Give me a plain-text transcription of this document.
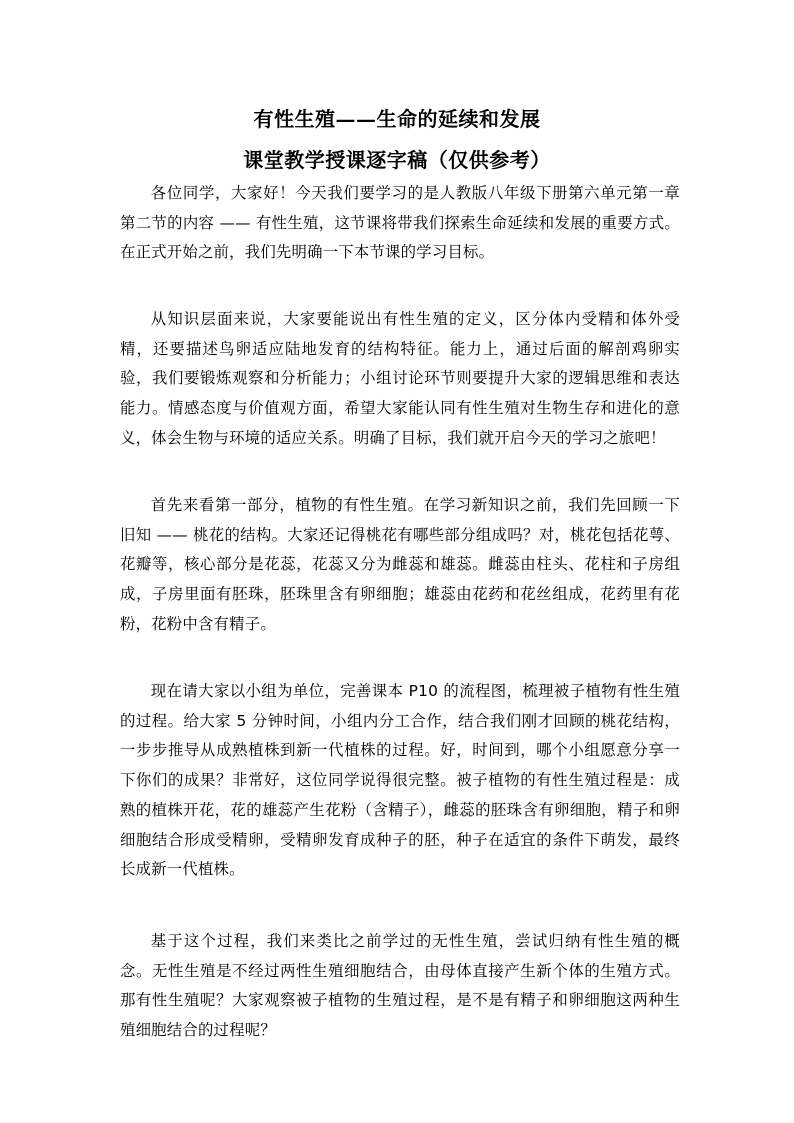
有性生殖——生命的延续和发展
课堂教学授课逐字稿（仅供参考）
各位同学，大家好！今天我们要学习的是人教版八年级下册第六单元第一章第二节的内容 —— 有性生殖，这节课将带我们探索生命延续和发展的重要方式。在正式开始之前，我们先明确一下本节课的学习目标。
从知识层面来说，大家要能说出有性生殖的定义，区分体内受精和体外受精，还要描述鸟卵适应陆地发育的结构特征。能力上，通过后面的解剖鸡卵实验，我们要锻炼观察和分析能力；小组讨论环节则要提升大家的逻辑思维和表达能力。情感态度与价值观方面，希望大家能认同有性生殖对生物生存和进化的意义，体会生物与环境的适应关系。明确了目标，我们就开启今天的学习之旅吧！
首先来看第一部分，植物的有性生殖。在学习新知识之前，我们先回顾一下旧知 —— 桃花的结构。大家还记得桃花有哪些部分组成吗？对，桃花包括花萼、花瓣等，核心部分是花蕊，花蕊又分为雌蕊和雄蕊。雌蕊由柱头、花柱和子房组成，子房里面有胚珠，胚珠里含有卵细胞；雄蕊由花药和花丝组成，花药里有花粉，花粉中含有精子。
现在请大家以小组为单位，完善课本 P10 的流程图，梳理被子植物有性生殖的过程。给大家 5 分钟时间，小组内分工合作，结合我们刚才回顾的桃花结构，一步步推导从成熟植株到新一代植株的过程。好，时间到，哪个小组愿意分享一下你们的成果？非常好，这位同学说得很完整。被子植物的有性生殖过程是：成熟的植株开花，花的雄蕊产生花粉（含精子），雌蕊的胚珠含有卵细胞，精子和卵细胞结合形成受精卵，受精卵发育成种子的胚，种子在适宜的条件下萌发，最终长成新一代植株。
基于这个过程，我们来类比之前学过的无性生殖，尝试归纳有性生殖的概念。无性生殖是不经过两性生殖细胞结合，由母体直接产生新个体的生殖方式。那有性生殖呢？大家观察被子植物的生殖过程，是不是有精子和卵细胞这两种生殖细胞结合的过程呢？
